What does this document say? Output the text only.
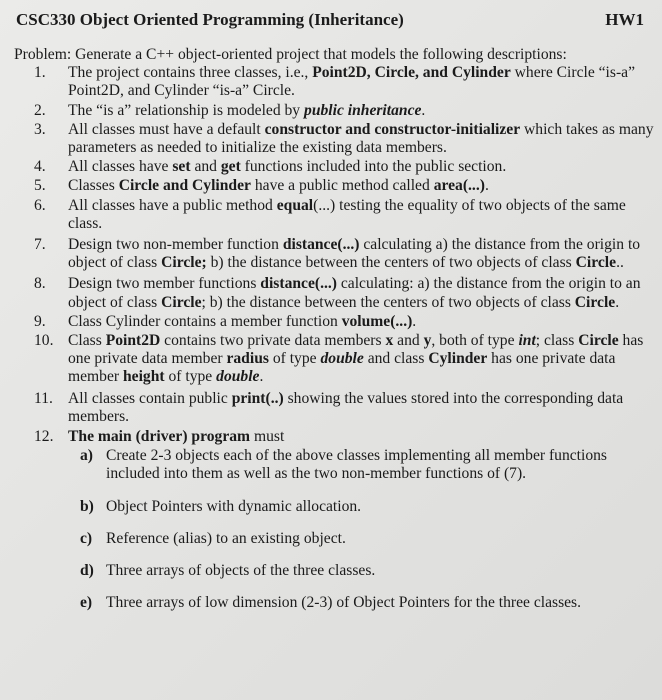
CSC330 Object Oriented Programming (Inheritance)	HW1
Problem: Generate a C++ object-oriented project that models the following descriptions:
1. The project contains three classes, i.e., Point2D, Circle, and Cylinder where Circle “is-a” Point2D, and Cylinder “is-a” Circle.
2. The “is a” relationship is modeled by public inheritance.
3. All classes must have a default constructor and constructor-initializer which takes as many parameters as needed to initialize the existing data members.
4. All classes have set and get functions included into the public section.
5. Classes Circle and Cylinder have a public method called area(...).
6. All classes have a public method equal(...) testing the equality of two objects of the same class.
7. Design two non-member function distance(...) calculating a) the distance from the origin to object of class Circle; b) the distance between the centers of two objects of class Circle..
8. Design two member functions distance(...) calculating: a) the distance from the origin to an object of class Circle; b) the distance between the centers of two objects of class Circle.
9. Class Cylinder contains a member function volume(...).
10. Class Point2D contains two private data members x and y, both of type int; class Circle has one private data member radius of type double and class Cylinder has one private data member height of type double.
11. All classes contain public print(..) showing the values stored into the corresponding data members.
12. The main (driver) program must
a) Create 2-3 objects each of the above classes implementing all member functions included into them as well as the two non-member functions of (7).
b) Object Pointers with dynamic allocation.
c) Reference (alias) to an existing object.
d) Three arrays of objects of the three classes.
e) Three arrays of low dimension (2-3) of Object Pointers for the three classes.
